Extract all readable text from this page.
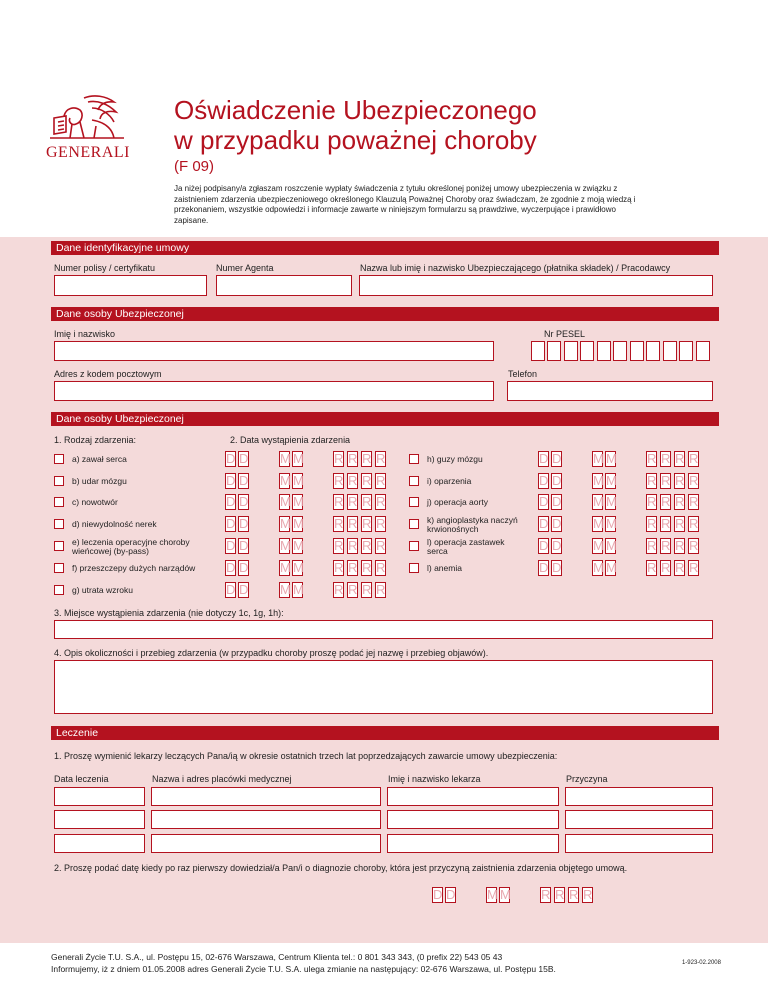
GENERALI
Oświadczenie Ubezpieczonego
w przypadku poważnej choroby
(F 09)
Ja niżej podpisany/a zgłaszam roszczenie wypłaty świadczenia z tytułu określonej poniżej umowy ubezpieczenia w związku z zaistnieniem zdarzenia ubezpieczeniowego określonego Klauzulą Poważnej Choroby oraz świadczam, że zgodnie z moją wiedzą i przekonaniem, wszystkie odpowiedzi i informacje zawarte w niniejszym formularzu są prawdziwe, wyczerpujące i prawidłowo zapisane.
Dane identyfikacyjne umowy
Numer polisy / certyfikatu	Numer Agenta	Nazwa lub imię i nazwisko Ubezpieczającego (płatnika składek) / Pracodawcy
Dane osoby Ubezpieczonej
Imię i nazwisko	Nr PESEL
Adres z kodem pocztowym	Telefon
Dane osoby Ubezpieczonej
1. Rodzaj zdarzenia:	2. Data wystąpienia zdarzenia
3. Miejsce wystąpienia zdarzenia (nie dotyczy 1c, 1g, 1h):
4. Opis okoliczności i przebieg zdarzenia (w przypadku choroby proszę podać jej nazwę i przebieg objawów).
Leczenie
1. Proszę wymienić lekarzy leczących Pana/ią w okresie ostatnich trzech lat poprzedzających zawarcie umowy ubezpieczenia:
Data leczenia	Nazwa i adres placówki medycznej	Imię i nazwisko lekarza	Przyczyna
2. Proszę podać datę kiedy po raz pierwszy dowiedział/a Pan/i o diagnozie choroby, która jest przyczyną zaistnienia zdarzenia objętego umową.
Generali Życie T.U. S.A., ul. Postępu 15, 02-676 Warszawa, Centrum Klienta tel.: 0 801 343 343, (0 prefix 22) 543 05 43
Informujemy, iż z dniem 01.05.2008 adres Generali Życie T.U. S.A. ulega zmianie na następujący: 02-676 Warszawa, ul. Postępu 15B.
1-923-02.2008
a) zawał serca	D D M M R R R R
b) udar mózgu	D D M M R R R R
c) nowotwór	D D M M R R R R
d) niewydolność nerek	D D M M R R R R
e) leczenia operacyjne choroby wieńcowej (by-pass)	D D M M R R R R
f) przeszczepy dużych narządów D D M M R R R R
g) utrata wzroku	D D M M R R R R
h) guzy mózgu	D D M M R R R R
i) oparzenia	D D M M R R R R
j) operacja aorty	D D M M R R R R
k) angioplastyka naczyń krwionośnych	D D M M R R R R
l) operacja zastawek serca	D D M M R R R R
l) anemia	D D M M R R R R
D D M M R R R R
